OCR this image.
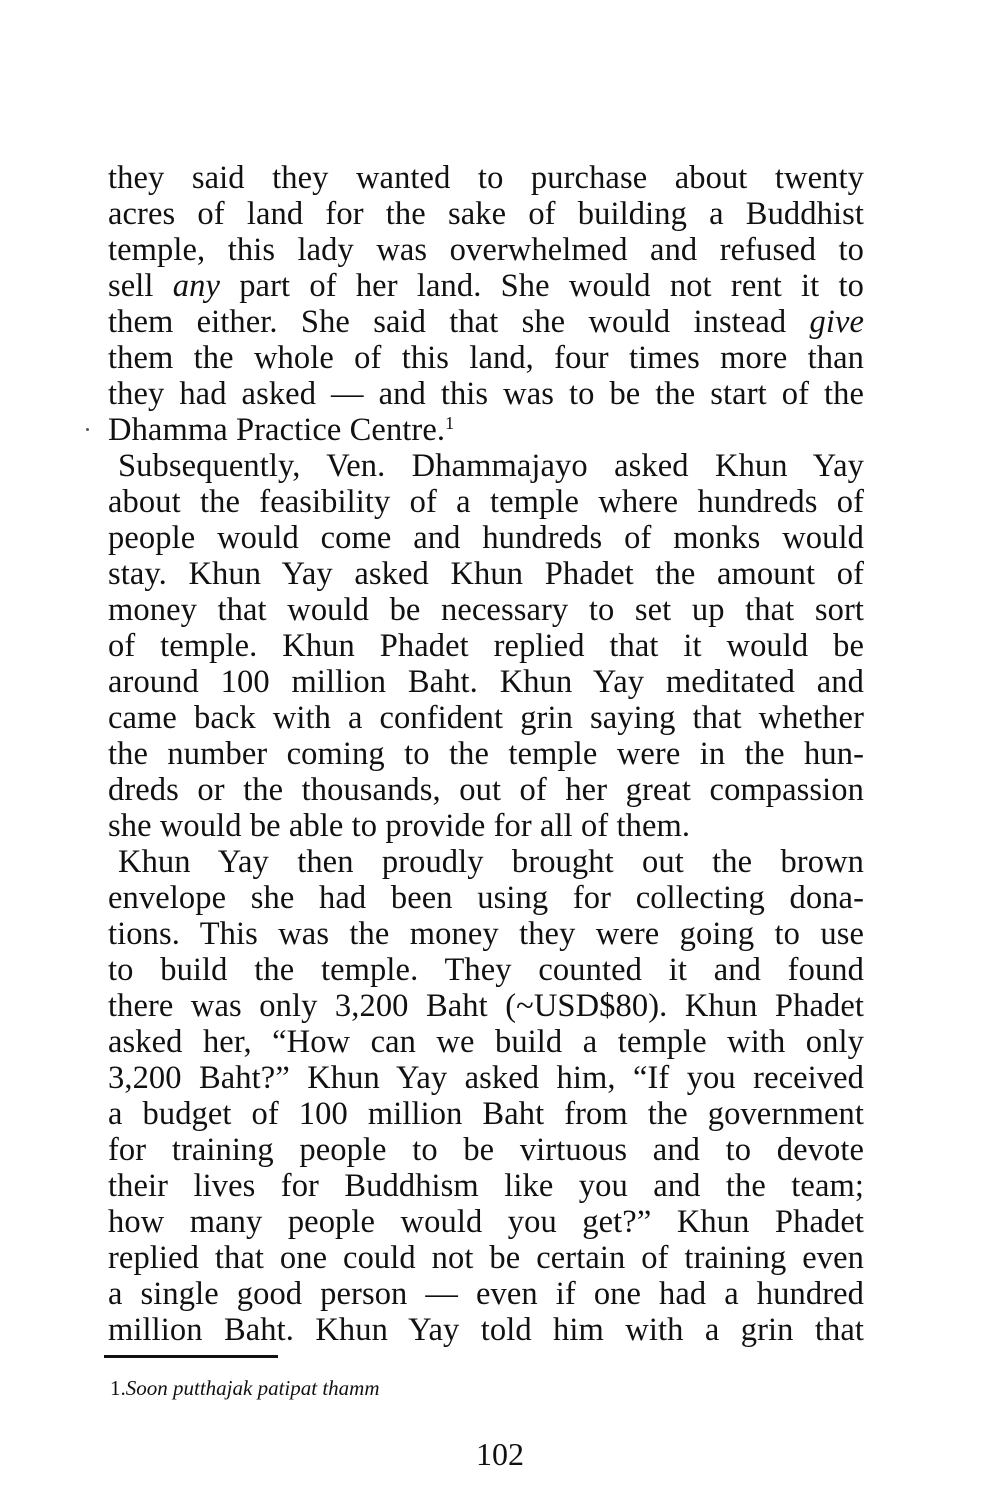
they said they wanted to purchase about twenty
acres of land for the sake of building a Buddhist
temple, this lady was overwhelmed and refused to
sell any part of her land. She would not rent it to
them either. She said that she would instead give
them the whole of this land, four times more than
they had asked — and this was to be the start of the
Dhamma Practice Centre.$^1$
Subsequently, Ven. Dhammajayo asked Khun Yay
about the feasibility of a temple where hundreds of
people would come and hundreds of monks would
stay. Khun Yay asked Khun Phadet the amount of
money that would be necessary to set up that sort
of temple. Khun Phadet replied that it would be
around 100 million Baht. Khun Yay meditated and
came back with a confident grin saying that whether
the number coming to the temple were in the hun-
dreds or the thousands, out of her great compassion
she would be able to provide for all of them.
Khun Yay then proudly brought out the brown
envelope she had been using for collecting dona-
tions. This was the money they were going to use
to build the temple. They counted it and found
there was only 3,200 Baht (~USD$80). Khun Phadet
asked her, “How can we build a temple with only
3,200 Baht?” Khun Yay asked him, “If you received
a budget of 100 million Baht from the government
for training people to be virtuous and to devote
their lives for Buddhism like you and the team;
how many people would you get?” Khun Phadet
replied that one could not be certain of training even
a single good person — even if one had a hundred
million Baht. Khun Yay told him with a grin that
1.Soon putthajak patipat thamm
102
